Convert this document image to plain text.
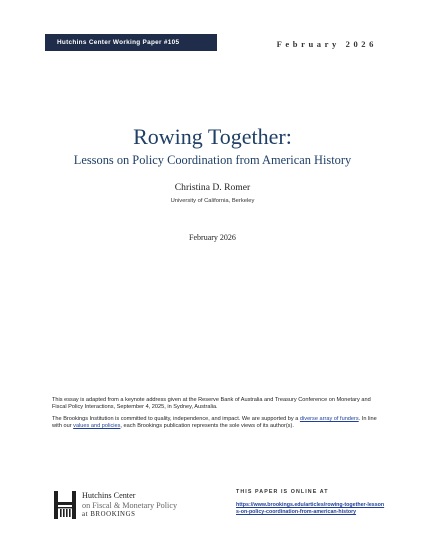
Hutchins Center Working Paper #105	February 2026
Rowing Together:
Lessons on Policy Coordination from American History
Christina D. Romer
University of California, Berkeley
February 2026

This essay is adapted from a keynote address given at the Reserve Bank of Australia and Treasury Conference on Monetary and Fiscal Policy Interactions, September 4, 2025, in Sydney, Australia.

The Brookings Institution is committed to quality, independence, and impact. We are supported by a diverse array of funders. In line with our values and policies, each Brookings publication represents the sole views of its author(s).

Hutchins Center
on Fiscal & Monetary Policy
at BROOKINGS
THIS PAPER IS ONLINE AT
https://www.brookings.edu/articles/rowing-together-lessons-on-policy-coordination-from-american-history
